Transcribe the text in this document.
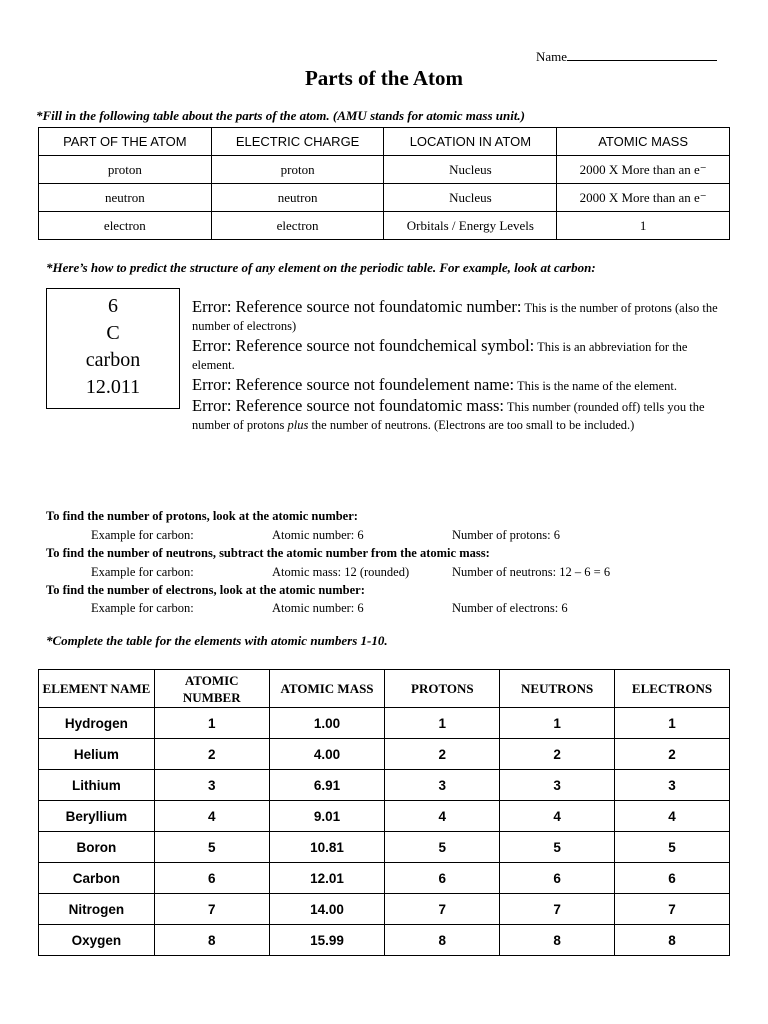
Name
Parts of the Atom
*Fill in the following table about the parts of the atom. (AMU stands for atomic mass unit.)
PART OF THE ATOM	ELECTRIC CHARGE	LOCATION IN ATOM	ATOMIC MASS
proton	proton	Nucleus	2000 X More than an e⁻
neutron	neutron	Nucleus	2000 X More than an e⁻
electron	electron	Orbitals / Energy Levels	1
*Here’s how to predict the structure of any element on the periodic table. For example, look at carbon:
6
C
carbon
12.011
Error: Reference source not foundatomic number: This is the number of protons (also the number of electrons)
Error: Reference source not foundchemical symbol: This is an abbreviation for the element.
Error: Reference source not foundelement name: This is the name of the element.
Error: Reference source not foundatomic mass: This number (rounded off) tells you the number of protons plus the number of neutrons. (Electrons are too small to be included.)
To find the number of protons, look at the atomic number:
Example for carbon:	Atomic number: 6	Number of protons: 6
To find the number of neutrons, subtract the atomic number from the atomic mass:
Example for carbon:	Atomic mass: 12 (rounded)	Number of neutrons: 12 – 6 = 6
To find the number of electrons, look at the atomic number:
Example for carbon:	Atomic number: 6	Number of electrons: 6
*Complete the table for the elements with atomic numbers 1-10.
ELEMENT NAME	ATOMIC NUMBER	ATOMIC MASS	PROTONS	NEUTRONS	ELECTRONS
Hydrogen	1	1.00	1	1	1
Helium	2	4.00	2	2	2
Lithium	3	6.91	3	3	3
Beryllium	4	9.01	4	4	4
Boron	5	10.81	5	5	5
Carbon	6	12.01	6	6	6
Nitrogen	7	14.00	7	7	7
Oxygen	8	15.99	8	8	8
